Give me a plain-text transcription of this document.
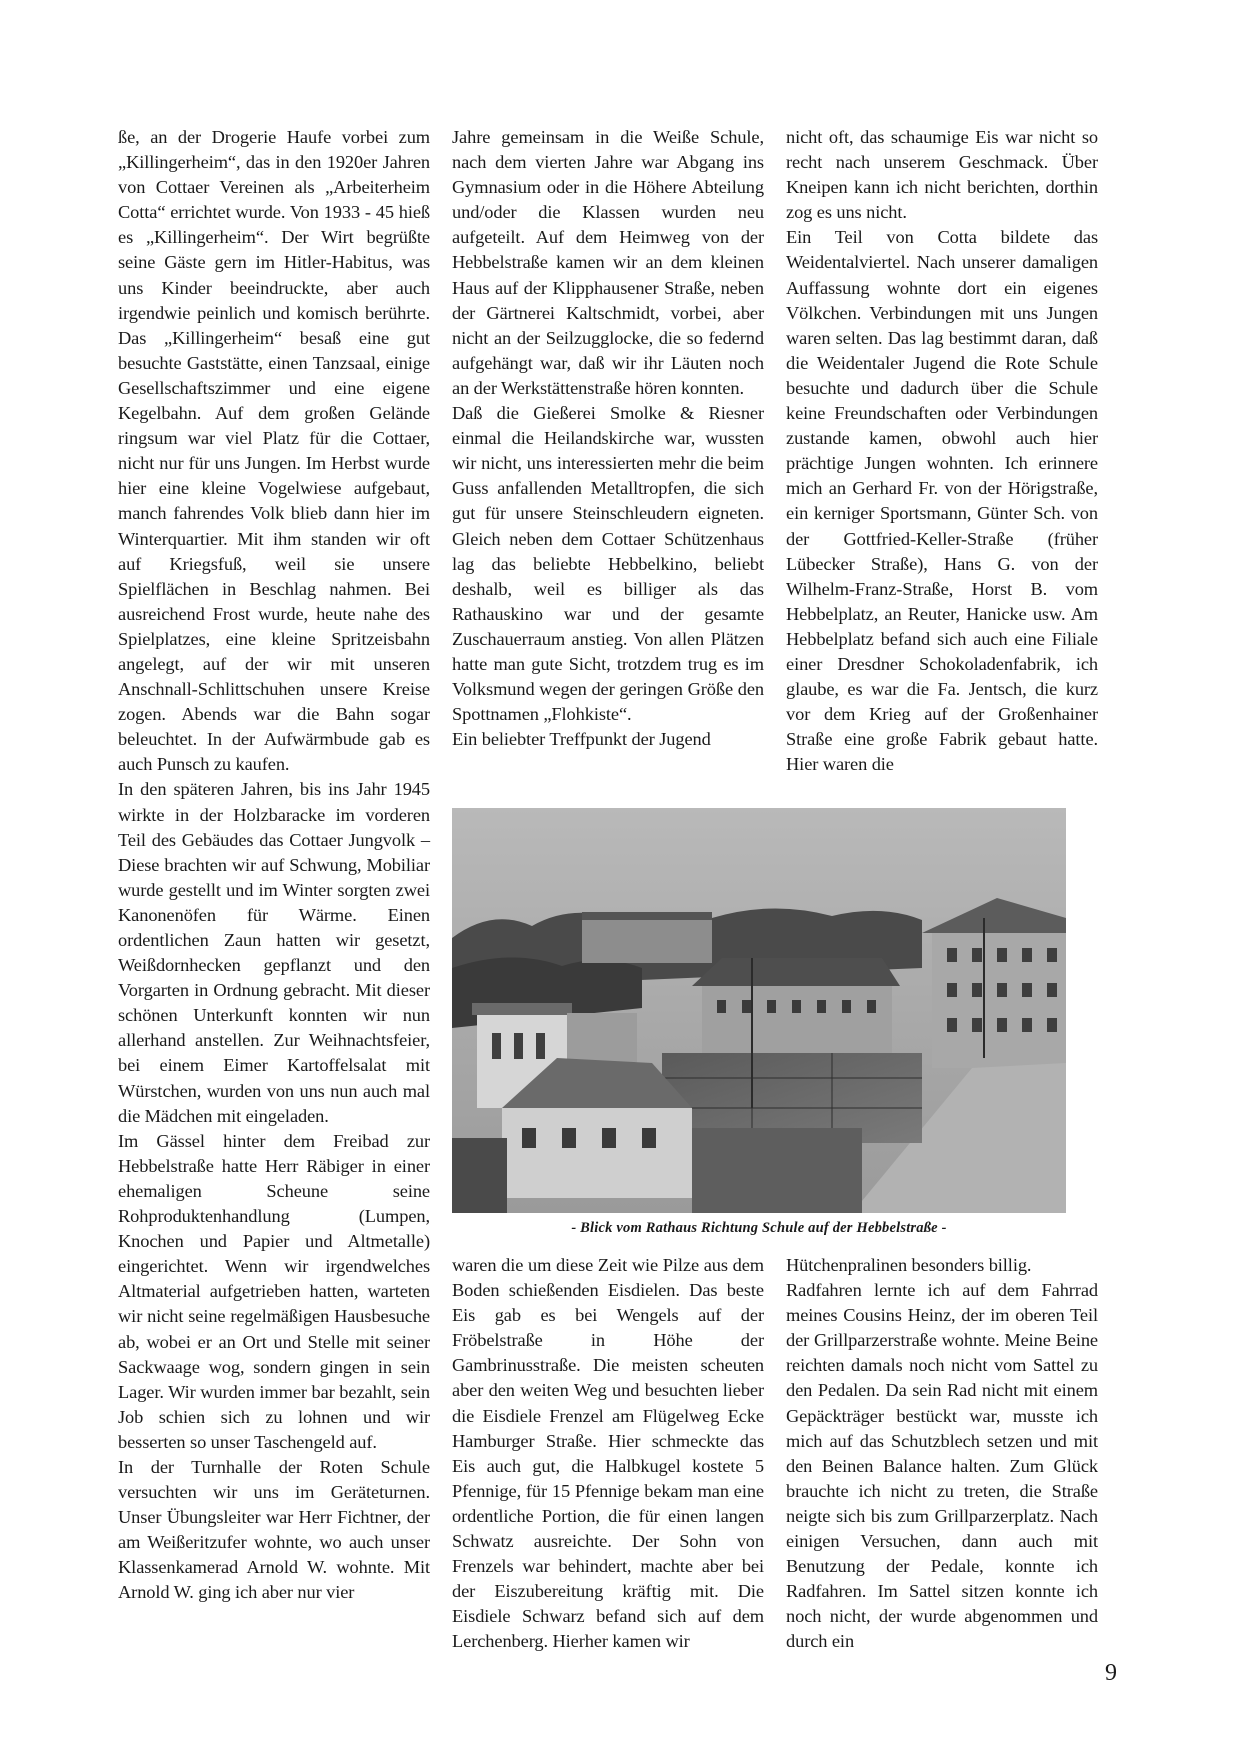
ße, an der Drogerie Haufe vorbei zum „Killingerheim“, das in den 1920er Jahren von Cottaer Vereinen als „Arbeiterheim Cotta“ errichtet wurde. Von 1933 - 45 hieß es „Killingerheim“. Der Wirt begrüßte seine Gäste gern im Hitler-Habitus, was uns Kinder beeindruckte, aber auch irgendwie peinlich und komisch berührte. Das „Killingerheim“ besaß eine gut besuchte Gaststätte, einen Tanzsaal, einige Gesellschaftszimmer und eine eigene Kegelbahn. Auf dem großen Gelände ringsum war viel Platz für die Cottaer, nicht nur für uns Jungen. Im Herbst wurde hier eine kleine Vogelwiese aufgebaut, manch fahrendes Volk blieb dann hier im Winterquartier. Mit ihm standen wir oft auf Kriegsfuß, weil sie unsere Spielflächen in Beschlag nahmen. Bei ausreichend Frost wurde, heute nahe des Spielplatzes, eine kleine Spritzeisbahn angelegt, auf der wir mit unseren Anschnall-Schlittschuhen unsere Kreise zogen. Abends war die Bahn sogar beleuchtet. In der Aufwärmbude gab es auch Punsch zu kaufen.

In den späteren Jahren, bis ins Jahr 1945 wirkte in der Holzbaracke im vorderen Teil des Gebäudes das Cottaer Jungvolk – Diese brachten wir auf Schwung, Mobiliar wurde gestellt und im Winter sorgten zwei Kanonenöfen für Wärme. Einen ordentlichen Zaun hatten wir gesetzt, Weißdornhecken gepflanzt und den Vorgarten in Ordnung gebracht. Mit dieser schönen Unterkunft konnten wir nun allerhand anstellen. Zur Weihnachtsfeier, bei einem Eimer Kartoffelsalat mit Würstchen, wurden von uns nun auch mal die Mädchen mit eingeladen.

Im Gässel hinter dem Freibad zur Hebbelstraße hatte Herr Räbiger in einer ehemaligen Scheune seine Rohproduktenhandlung (Lumpen, Knochen und Papier und Altmetalle) eingerichtet. Wenn wir irgendwelches Altmaterial aufgetrieben hatten, warteten wir nicht seine regelmäßigen Hausbesuche ab, wobei er an Ort und Stelle mit seiner Sackwaage wog, sondern gingen in sein Lager. Wir wurden immer bar bezahlt, sein Job schien sich zu lohnen und wir besserten so unser Taschengeld auf.

In der Turnhalle der Roten Schule versuchten wir uns im Geräteturnen. Unser Übungsleiter war Herr Fichtner, der am Weißeritzufer wohnte, wo auch unser Klassenkamerad Arnold W. wohnte. Mit Arnold W. ging ich aber nur vier

Jahre gemeinsam in die Weiße Schule, nach dem vierten Jahre war Abgang ins Gymnasium oder in die Höhere Abteilung und/oder die Klassen wurden neu aufgeteilt. Auf dem Heimweg von der Hebbelstraße kamen wir an dem kleinen Haus auf der Klipphausener Straße, neben der Gärtnerei Kaltschmidt, vorbei, aber nicht an der Seilzugglocke, die so federnd aufgehängt war, daß wir ihr Läuten noch an der Werkstättenstraße hören konnten.

Daß die Gießerei Smolke & Riesner einmal die Heilandskirche war, wussten wir nicht, uns interessierten mehr die beim Guss anfallenden Metalltropfen, die sich gut für unsere Steinschleudern eigneten. Gleich neben dem Cottaer Schützenhaus lag das beliebte Hebbelkino, beliebt deshalb, weil es billiger als das Rathauskino war und der gesamte Zuschauerraum anstieg. Von allen Plätzen hatte man gute Sicht, trotzdem trug es im Volksmund wegen der geringen Größe den Spottnamen „Flohkiste“.

Ein beliebter Treffpunkt der Jugend

nicht oft, das schaumige Eis war nicht so recht nach unserem Geschmack. Über Kneipen kann ich nicht berichten, dorthin zog es uns nicht.

Ein Teil von Cotta bildete das Weidentalviertel. Nach unserer damaligen Auffassung wohnte dort ein eigenes Völkchen. Verbindungen mit uns Jungen waren selten. Das lag bestimmt daran, daß die Weidentaler Jugend die Rote Schule besuchte und dadurch über die Schule keine Freundschaften oder Verbindungen zustande kamen, obwohl auch hier prächtige Jungen wohnten. Ich erinnere mich an Gerhard Fr. von der Hörigstraße, ein kerniger Sportsmann, Günter Sch. von der Gottfried-Keller-Straße (früher Lübecker Straße), Hans G. von der Wilhelm-Franz-Straße, Horst B. vom Hebbelplatz, an Reuter, Hanicke usw. Am Hebbelplatz befand sich auch eine Filiale einer Dresdner Schokoladenfabrik, ich glaube, es war die Fa. Jentsch, die kurz vor dem Krieg auf der Großenhainer Straße eine große Fabrik gebaut hatte. Hier waren die

- Blick vom Rathaus Richtung Schule auf der Hebbelstraße -

waren die um diese Zeit wie Pilze aus dem Boden schießenden Eisdielen. Das beste Eis gab es bei Wengels auf der Fröbelstraße in Höhe der Gambrinusstraße. Die meisten scheuten aber den weiten Weg und besuchten lieber die Eisdiele Frenzel am Flügelweg Ecke Hamburger Straße. Hier schmeckte das Eis auch gut, die Halbkugel kostete 5 Pfennige, für 15 Pfennige bekam man eine ordentliche Portion, die für einen langen Schwatz ausreichte. Der Sohn von Frenzels war behindert, machte aber bei der Eiszubereitung kräftig mit. Die Eisdiele Schwarz befand sich auf dem Lerchenberg. Hierher kamen wir

Hütchenpralinen besonders billig.

Radfahren lernte ich auf dem Fahrrad meines Cousins Heinz, der im oberen Teil der Grillparzerstraße wohnte. Meine Beine reichten damals noch nicht vom Sattel zu den Pedalen. Da sein Rad nicht mit einem Gepäckträger bestückt war, musste ich mich auf das Schutzblech setzen und mit den Beinen Balance halten. Zum Glück brauchte ich nicht zu treten, die Straße neigte sich bis zum Grillparzerplatz. Nach einigen Versuchen, dann auch mit Benutzung der Pedale, konnte ich Radfahren. Im Sattel sitzen konnte ich noch nicht, der wurde abgenommen und durch ein

9
